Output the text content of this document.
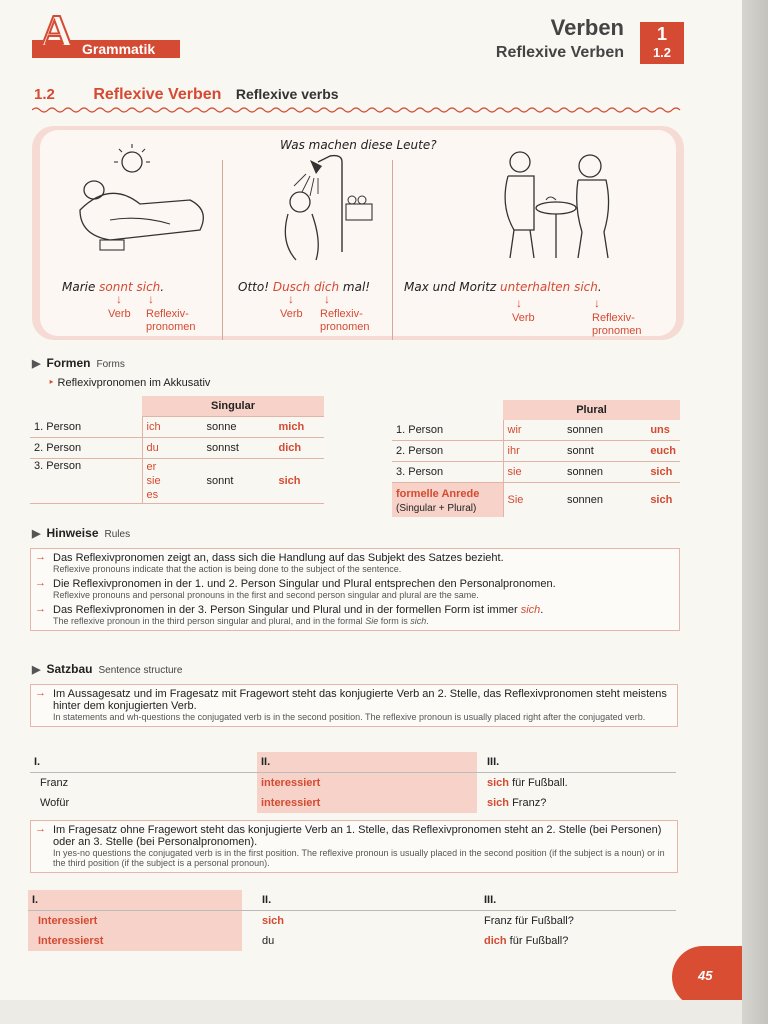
A Grammatik
Verben
Reflexive Verben
1
1.2
1.2 Reflexive Verben Reflexive verbs
Was machen diese Leute?
Marie sonnt sich.
↓ ↓
Verb Reflexiv-
pronomen
Otto! Dusch dich mal!
↓	↓
Verb Reflexiv-
pronomen
Max und Moritz unterhalten sich.
↓	↓
Verb	Reflexiv-
pronomen
▶ Formen Forms
‣ Reflexivpronomen im Akkusativ
	Singular		
1. Person	ich	sonne	mich
2. Person	du	sonnst	dich
3. Person	er
sie
es	sonnt	sich
	Plural		
1. Person	wir	sonnen	uns
2. Person	ihr	sonnt	euch
3. Person	sie	sonnen	sich
formelle Anrede
(Singular + Plural)	Sie	sonnen	sich
▶ Hinweise Rules
→ Das Reflexivpronomen zeigt an, dass sich die Handlung auf das Subjekt des Satzes bezieht.
Reflexive pronouns indicate that the action is being done to the subject of the sentence.
→ Die Reflexivpronomen in der 1. und 2. Person Singular und Plural entsprechen den Personalpronomen.
Reflexive pronouns and personal pronouns in the first and second person singular and plural are the same.
→ Das Reflexivpronomen in der 3. Person Singular und Plural und in der formellen Form ist immer sich.
The reflexive pronoun in the third person singular and plural, and in the formal Sie form is sich.
▶ Satzbau Sentence structure
→ Im Aussagesatz und im Fragesatz mit Fragewort steht das konjugierte Verb an 2. Stelle, das Reflexivpronomen steht meistens hinter dem konjugierten Verb.
In statements and wh-questions the conjugated verb is in the second position. The reflexive pronoun is usually placed right after the conjugated verb.
I.		II.	III.
Franz		interessiert	sich für Fußball.
Wofür		interessiert	sich Franz?
→ Im Fragesatz ohne Fragewort steht das konjugierte Verb an 1. Stelle, das Reflexivpronomen steht an 2. Stelle (bei Personen) oder an 3. Stelle (bei Personalpronomen).
In yes-no questions the conjugated verb is in the first position. The reflexive pronoun is usually placed in the second position (if the subject is a noun) or in the third position (if the subject is a personal pronoun).
I.		II.	III.
Interessiert		sich	Franz für Fußball?
Interessierst		du	dich für Fußball?
45
